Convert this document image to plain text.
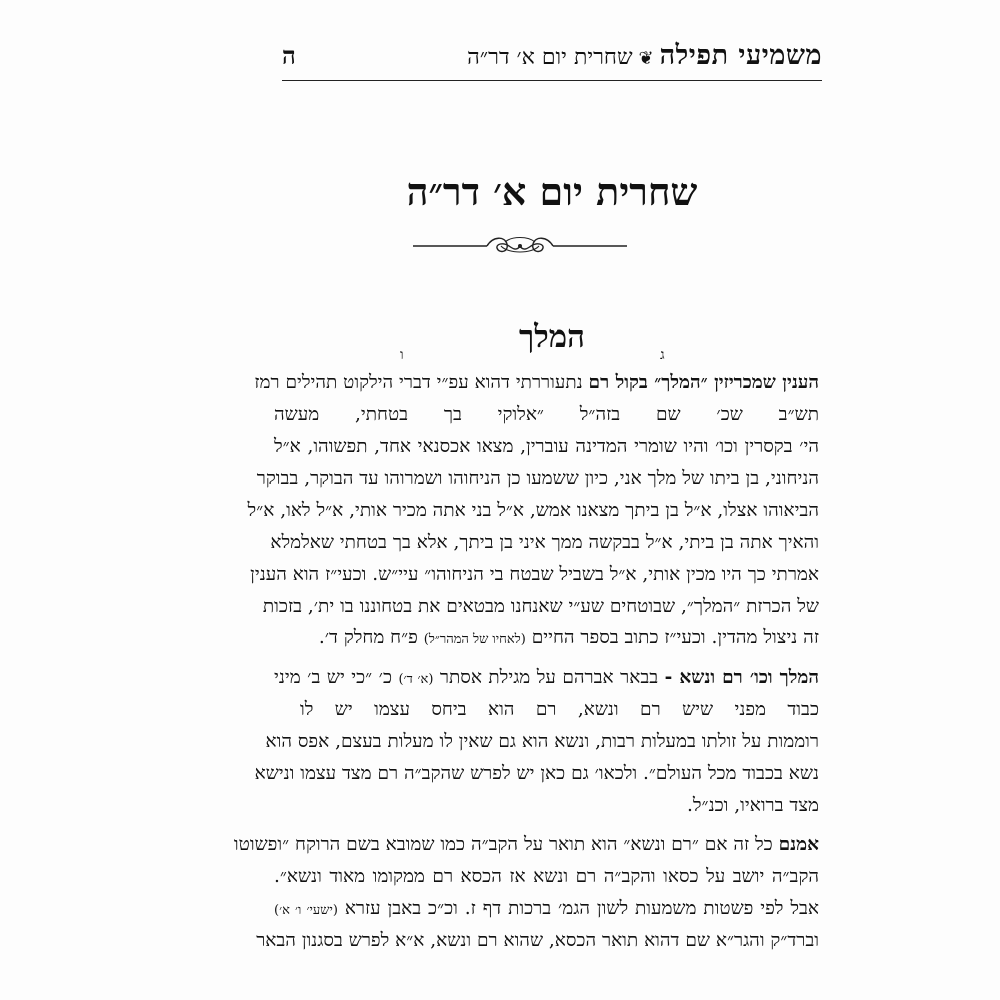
משמיעי תפילה
❦
שחרית יום א׳ דר״ה
ה
שחרית יום א׳ דר״ה
המלך	ג
ו
הענין שמכריזין ״המלך״ בקול רם נתעוררתי דהוא עפ״י דברי הילקוט תהילים רמז
תש״ב שכ׳ שם בזה״ל ״אלוקי בך בטחתי, מעשה
הי׳ בקסרין וכו׳ והיו שומרי המדינה עוברין, מצאו אכסנאי אחד, תפשוהו, א״ל
הניחוני, בן ביתו של מלך אני, כיון ששמעו כן הניחוהו ושמרוהו עד הבוקר, בבוקר
הביאוהו אצלו, א״ל בן ביתך מצאנו אמש, א״ל בני אתה מכיר אותי, א״ל לאו, א״ל
והאיך אתה בן ביתי, א״ל בבקשה ממך איני בן ביתך, אלא בך בטחתי שאלמלא
אמרתי כך היו מכין אותי, א״ל בשביל שבטח בי הניחוהו״ עיי״ש. וכעי״ז הוא הענין
של הכרזת ״המלך״, שבוטחים שע״י שאנחנו מבטאים את בטחוננו בו ית׳, בזכות
זה ניצול מהדין. וכעי״ז כתוב בספר החיים (לאחיו של המהר״ל) פ״ח מחלק ד׳.
המלך וכו׳ רם ונשא - בבאר אברהם על מגילת אסתר (א׳ ד׳) כ׳ ״כי יש ב׳ מיני
כבוד מפני שיש רם ונשא, רם הוא ביחס עצמו יש לו
רוממות על זולתו במעלות רבות, ונשא הוא גם שאין לו מעלות בעצם, אפס הוא
נשא בכבוד מכל העולם״. ולכאו׳ גם כאן יש לפרש שהקב״ה רם מצד עצמו ונישא
מצד ברואיו, וכנ״ל.
אמנם כל זה אם ״רם ונשא״ הוא תואר על הקב״ה כמו שמובא בשם הרוקח ״ופשוטו
הקב״ה יושב על כסאו והקב״ה רם ונשא אז הכסא רם ממקומו מאוד ונשא״.
אבל לפי פשטות משמעות לשון הגמ׳ ברכות דף ז. וכ״כ באבן עזרא (ישעי׳ ו׳ א׳)
וברד״ק והגר״א שם דהוא תואר הכסא, שהוא רם ונשא, א״א לפרש בסגנון הבאר
